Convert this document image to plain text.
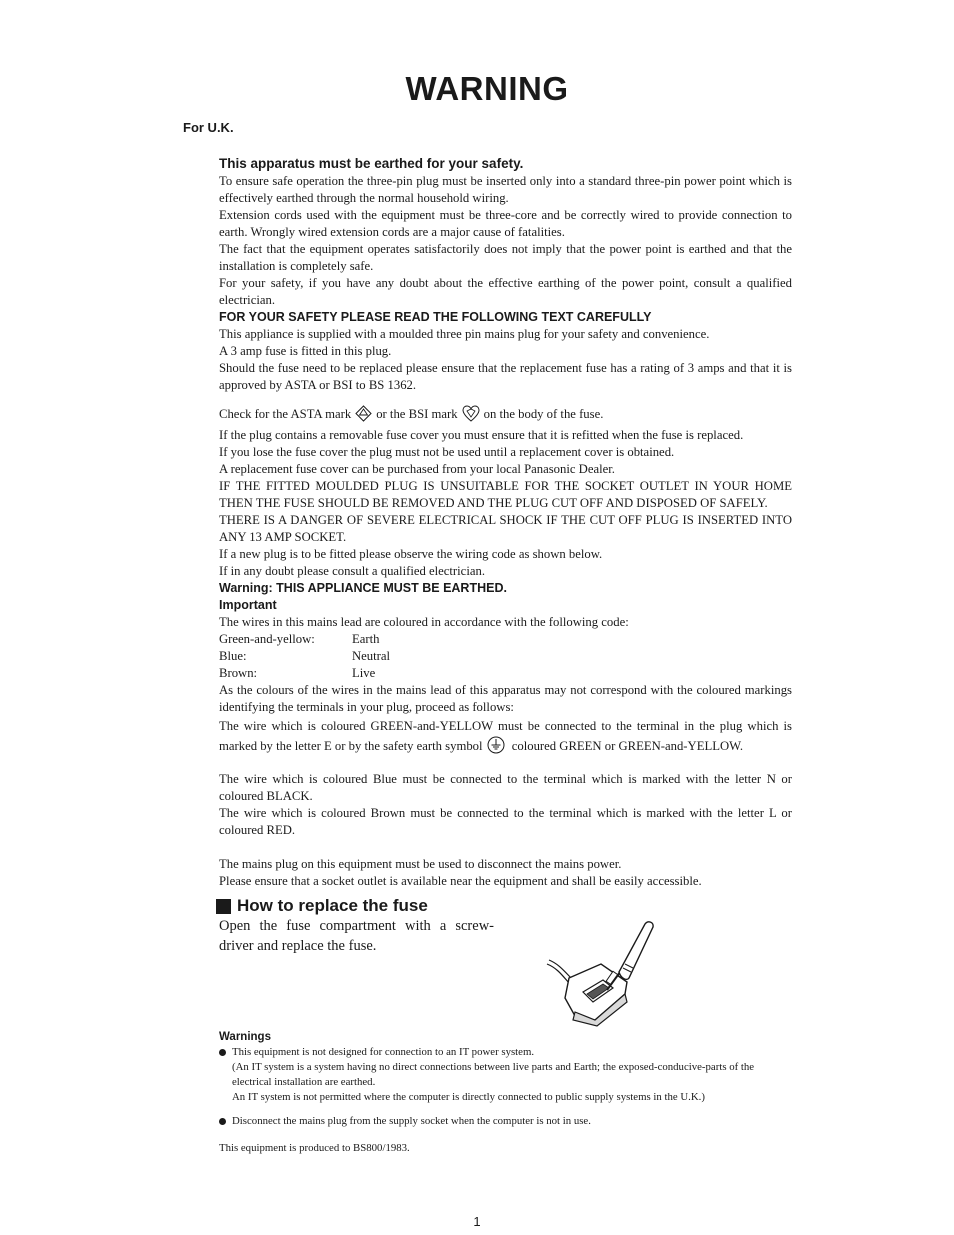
WARNING
For U.K.

This apparatus must be earthed for your safety.

To ensure safe operation the three-pin plug must be inserted only into a standard three-pin power point which is effectively earthed through the normal household wiring.

Extension cords used with the equipment must be three-core and be correctly wired to provide connection to earth. Wrongly wired extension cords are a major cause of fatalities.

The fact that the equipment operates satisfactorily does not imply that the power point is earthed and that the installation is completely safe.

For your safety, if you have any doubt about the effective earthing of the power point, consult a qualified electrician.

FOR YOUR SAFETY PLEASE READ THE FOLLOWING TEXT CAREFULLY

This appliance is supplied with a moulded three pin mains plug for your safety and convenience.

A 3 amp fuse is fitted in this plug.

Should the fuse need to be replaced please ensure that the replacement fuse has a rating of 3 amps and that it is approved by ASTA or BSI to BS 1362.

Check for the ASTA mark or the BSI mark on the body of the fuse.

If the plug contains a removable fuse cover you must ensure that it is refitted when the fuse is replaced.

If you lose the fuse cover the plug must not be used until a replacement cover is obtained.

A replacement fuse cover can be purchased from your local Panasonic Dealer.

IF THE FITTED MOULDED PLUG IS UNSUITABLE FOR THE SOCKET OUTLET IN YOUR HOME THEN THE FUSE SHOULD BE REMOVED AND THE PLUG CUT OFF AND DISPOSED OF SAFELY.

THERE IS A DANGER OF SEVERE ELECTRICAL SHOCK IF THE CUT OFF PLUG IS INSERTED INTO ANY 13 AMP SOCKET.

If a new plug is to be fitted please observe the wiring code as shown below.

If in any doubt please consult a qualified electrician.

Warning: THIS APPLIANCE MUST BE EARTHED.

Important

The wires in this mains lead are coloured in accordance with the following code:

Green-and-yellow:	Earth
Blue:	Neutral
Brown:	Live

As the colours of the wires in the mains lead of this apparatus may not correspond with the coloured markings identifying the terminals in your plug, proceed as follows:

The wire which is coloured GREEN-and-YELLOW must be connected to the terminal in the plug which is marked by the letter E or by the safety earth symbol coloured GREEN or GREEN-and-YELLOW.

The wire which is coloured Blue must be connected to the terminal which is marked with the letter N or coloured BLACK.

The wire which is coloured Brown must be connected to the terminal which is marked with the letter L or coloured RED.

The mains plug on this equipment must be used to disconnect the mains power.

Please ensure that a socket outlet is available near the equipment and shall be easily accessible.

How to replace the fuse

Open the fuse compartment with a screw-driver and replace the fuse.

Warnings

This equipment is not designed for connection to an IT power system.

(An IT system is a system having no direct connections between live parts and Earth; the exposed-conducive-parts of the electrical installation are earthed.

An IT system is not permitted where the computer is directly connected to public supply systems in the U.K.)

Disconnect the mains plug from the supply socket when the computer is not in use.

This equipment is produced to BS800/1983.

1
